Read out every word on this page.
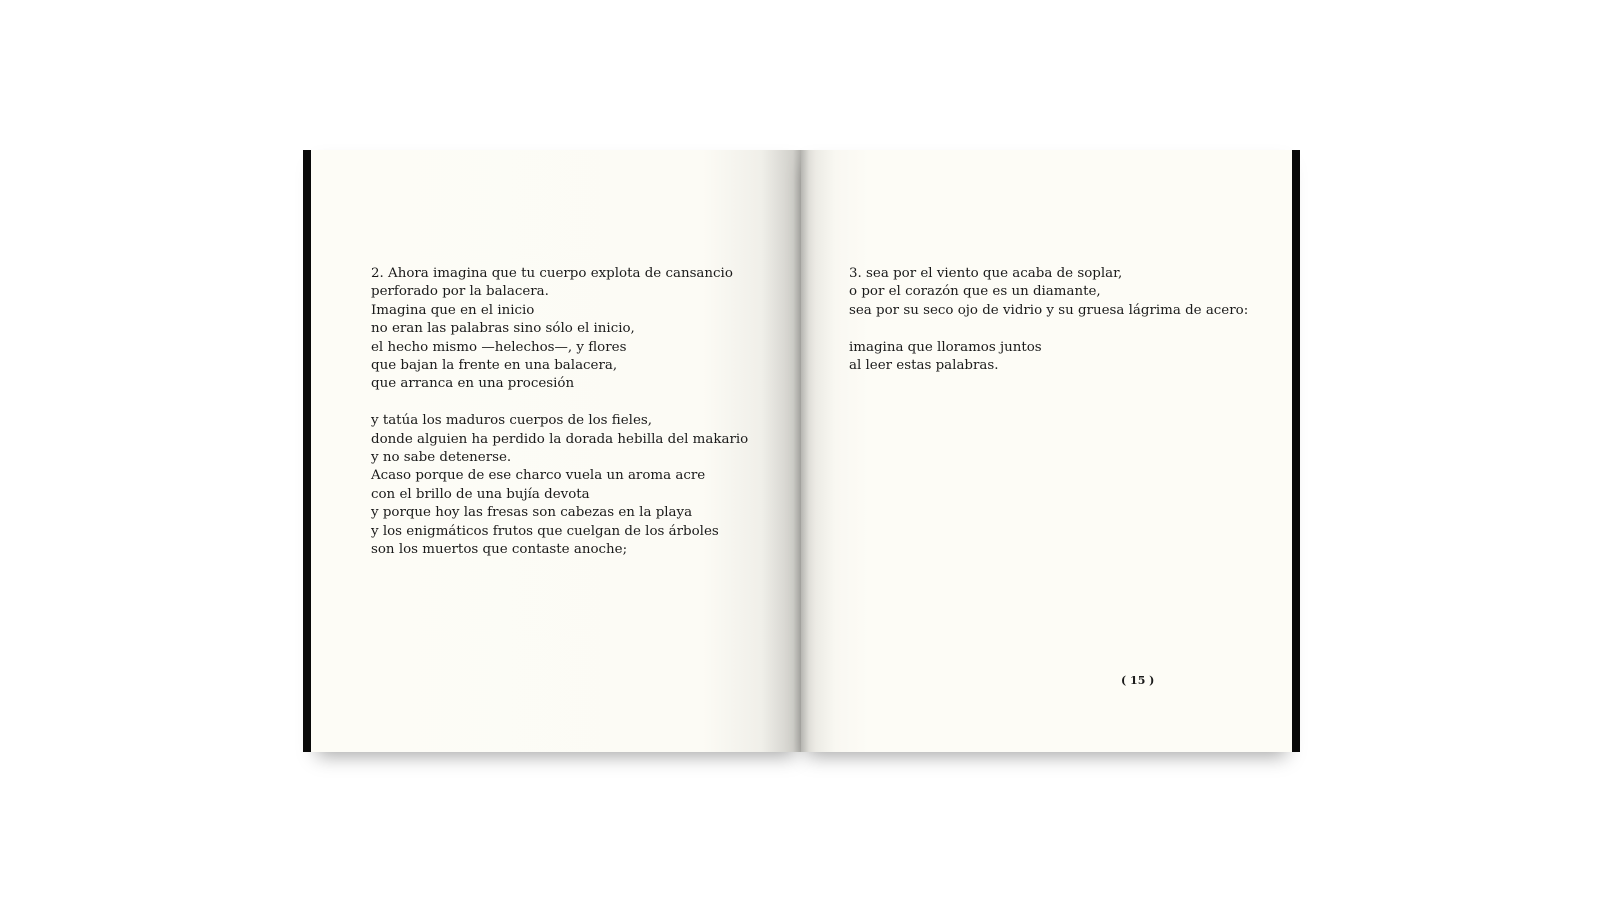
2. Ahora imagina que tu cuerpo explota de cansancio
perforado por la balacera.
Imagina que en el inicio
no eran las palabras sino sólo el inicio,
el hecho mismo —helechos—, y flores
que bajan la frente en una balacera,
que arranca en una procesión
y tatúa los maduros cuerpos de los fieles,
donde alguien ha perdido la dorada hebilla del makario
y no sabe detenerse.
Acaso porque de ese charco vuela un aroma acre
con el brillo de una bujía devota
y porque hoy las fresas son cabezas en la playa
y los enigmáticos frutos que cuelgan de los árboles
son los muertos que contaste anoche;
3. sea por el viento que acaba de soplar,
o por el corazón que es un diamante,
sea por su seco ojo de vidrio y su gruesa lágrima de acero:
imagina que lloramos juntos
al leer estas palabras.
( 15 )
